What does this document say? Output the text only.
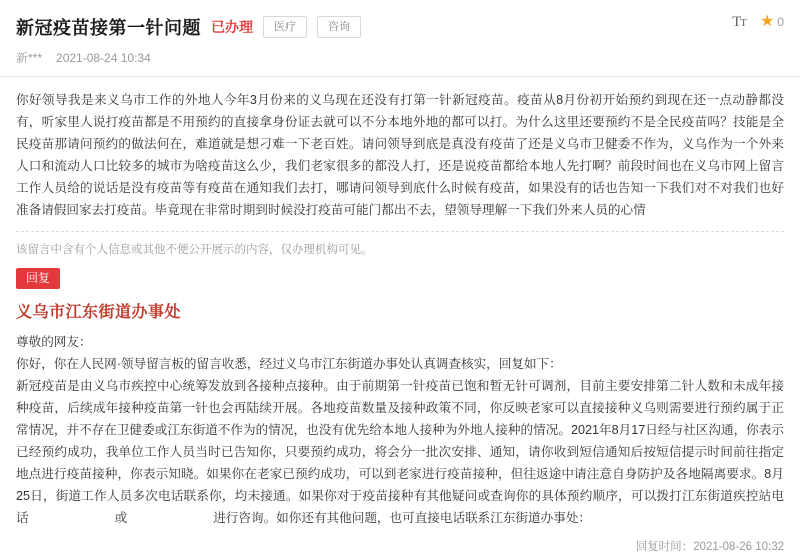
新冠疫苗接第一针问题 已办理	医疗	咨询
新*** 2021-08-24 10:34
TT ★ 0
你好领导我是来义乌市工作的外地人今年3月份来的义乌现在还没有打第一针新冠疫苗。疫苗从8月份初开始预约到现在还一点动静都没有，听家里人说打疫苗都是不用预约的直接拿身份证去就可以不分本地外地的都可以打。为什么这里还要预约不是全民疫苗吗？技能是全民疫苗那请问预约的做法何在，难道就是想刁难一下老百姓。请问领导到底是真没有疫苗了还是义乌市卫健委不作为，义乌作为一个外来人口和流动人口比较多的城市为啥疫苗这么少，我们老家很多的都没人打，还是说疫苗都给本地人先打啊？前段时间也在义乌市网上留言工作人员给的说话是没有疫苗等有疫苗在通知我们去打，哪请问领导到底什么时候有疫苗，如果没有的话也告知一下我们对不对我们也好准备请假回家去打疫苗。毕竟现在非常时期到时候没打疫苗可能门都出不去，望领导理解一下我们外来人员的心情
该留言中含有个人信息或其他不便公开展示的内容，仅办理机构可见。
回复
义乌市江东街道办事处
尊敬的网友：
你好，你在人民网·领导留言板的留言收悉，经过义乌市江东街道办事处认真调查核实，回复如下：
新冠疫苗是由义乌市疾控中心统筹发放到各接种点接种。由于前期第一针疫苗已饱和暂无针可调剂，目前主要安排第二针人数和未成年接种疫苗，后续成年接种疫苗第一针也会再陆续开展。各地疫苗数量及接种政策不同，你反映老家可以直接接种义乌则需要进行预约属于正常情况，并不存在卫健委或江东街道不作为的情况，也没有优先给本地人接种为外地人接种的情况。2021年8月17日经与社区沟通，你表示已经预约成功，我单位工作人员当时已告知你，只要预约成功，将会分一批次安排、通知，请你收到短信通知后按短信提示时间前往指定地点进行疫苗接种，你表示知晓。如果你在老家已预约成功，可以到老家进行疫苗接种，但往返途中请注意自身防护及各地隔离要求。8月25日，街道工作人员多次电话联系你，均未接通。如果你对于疫苗接种有其他疑问或查询你的具体预约顺序，可以拨打江东街道疾控站电话	或	进行咨询。如你还有其他问题，也可直接电话联系江东街道办事处：
回复时间：2021-08-26 10:32
